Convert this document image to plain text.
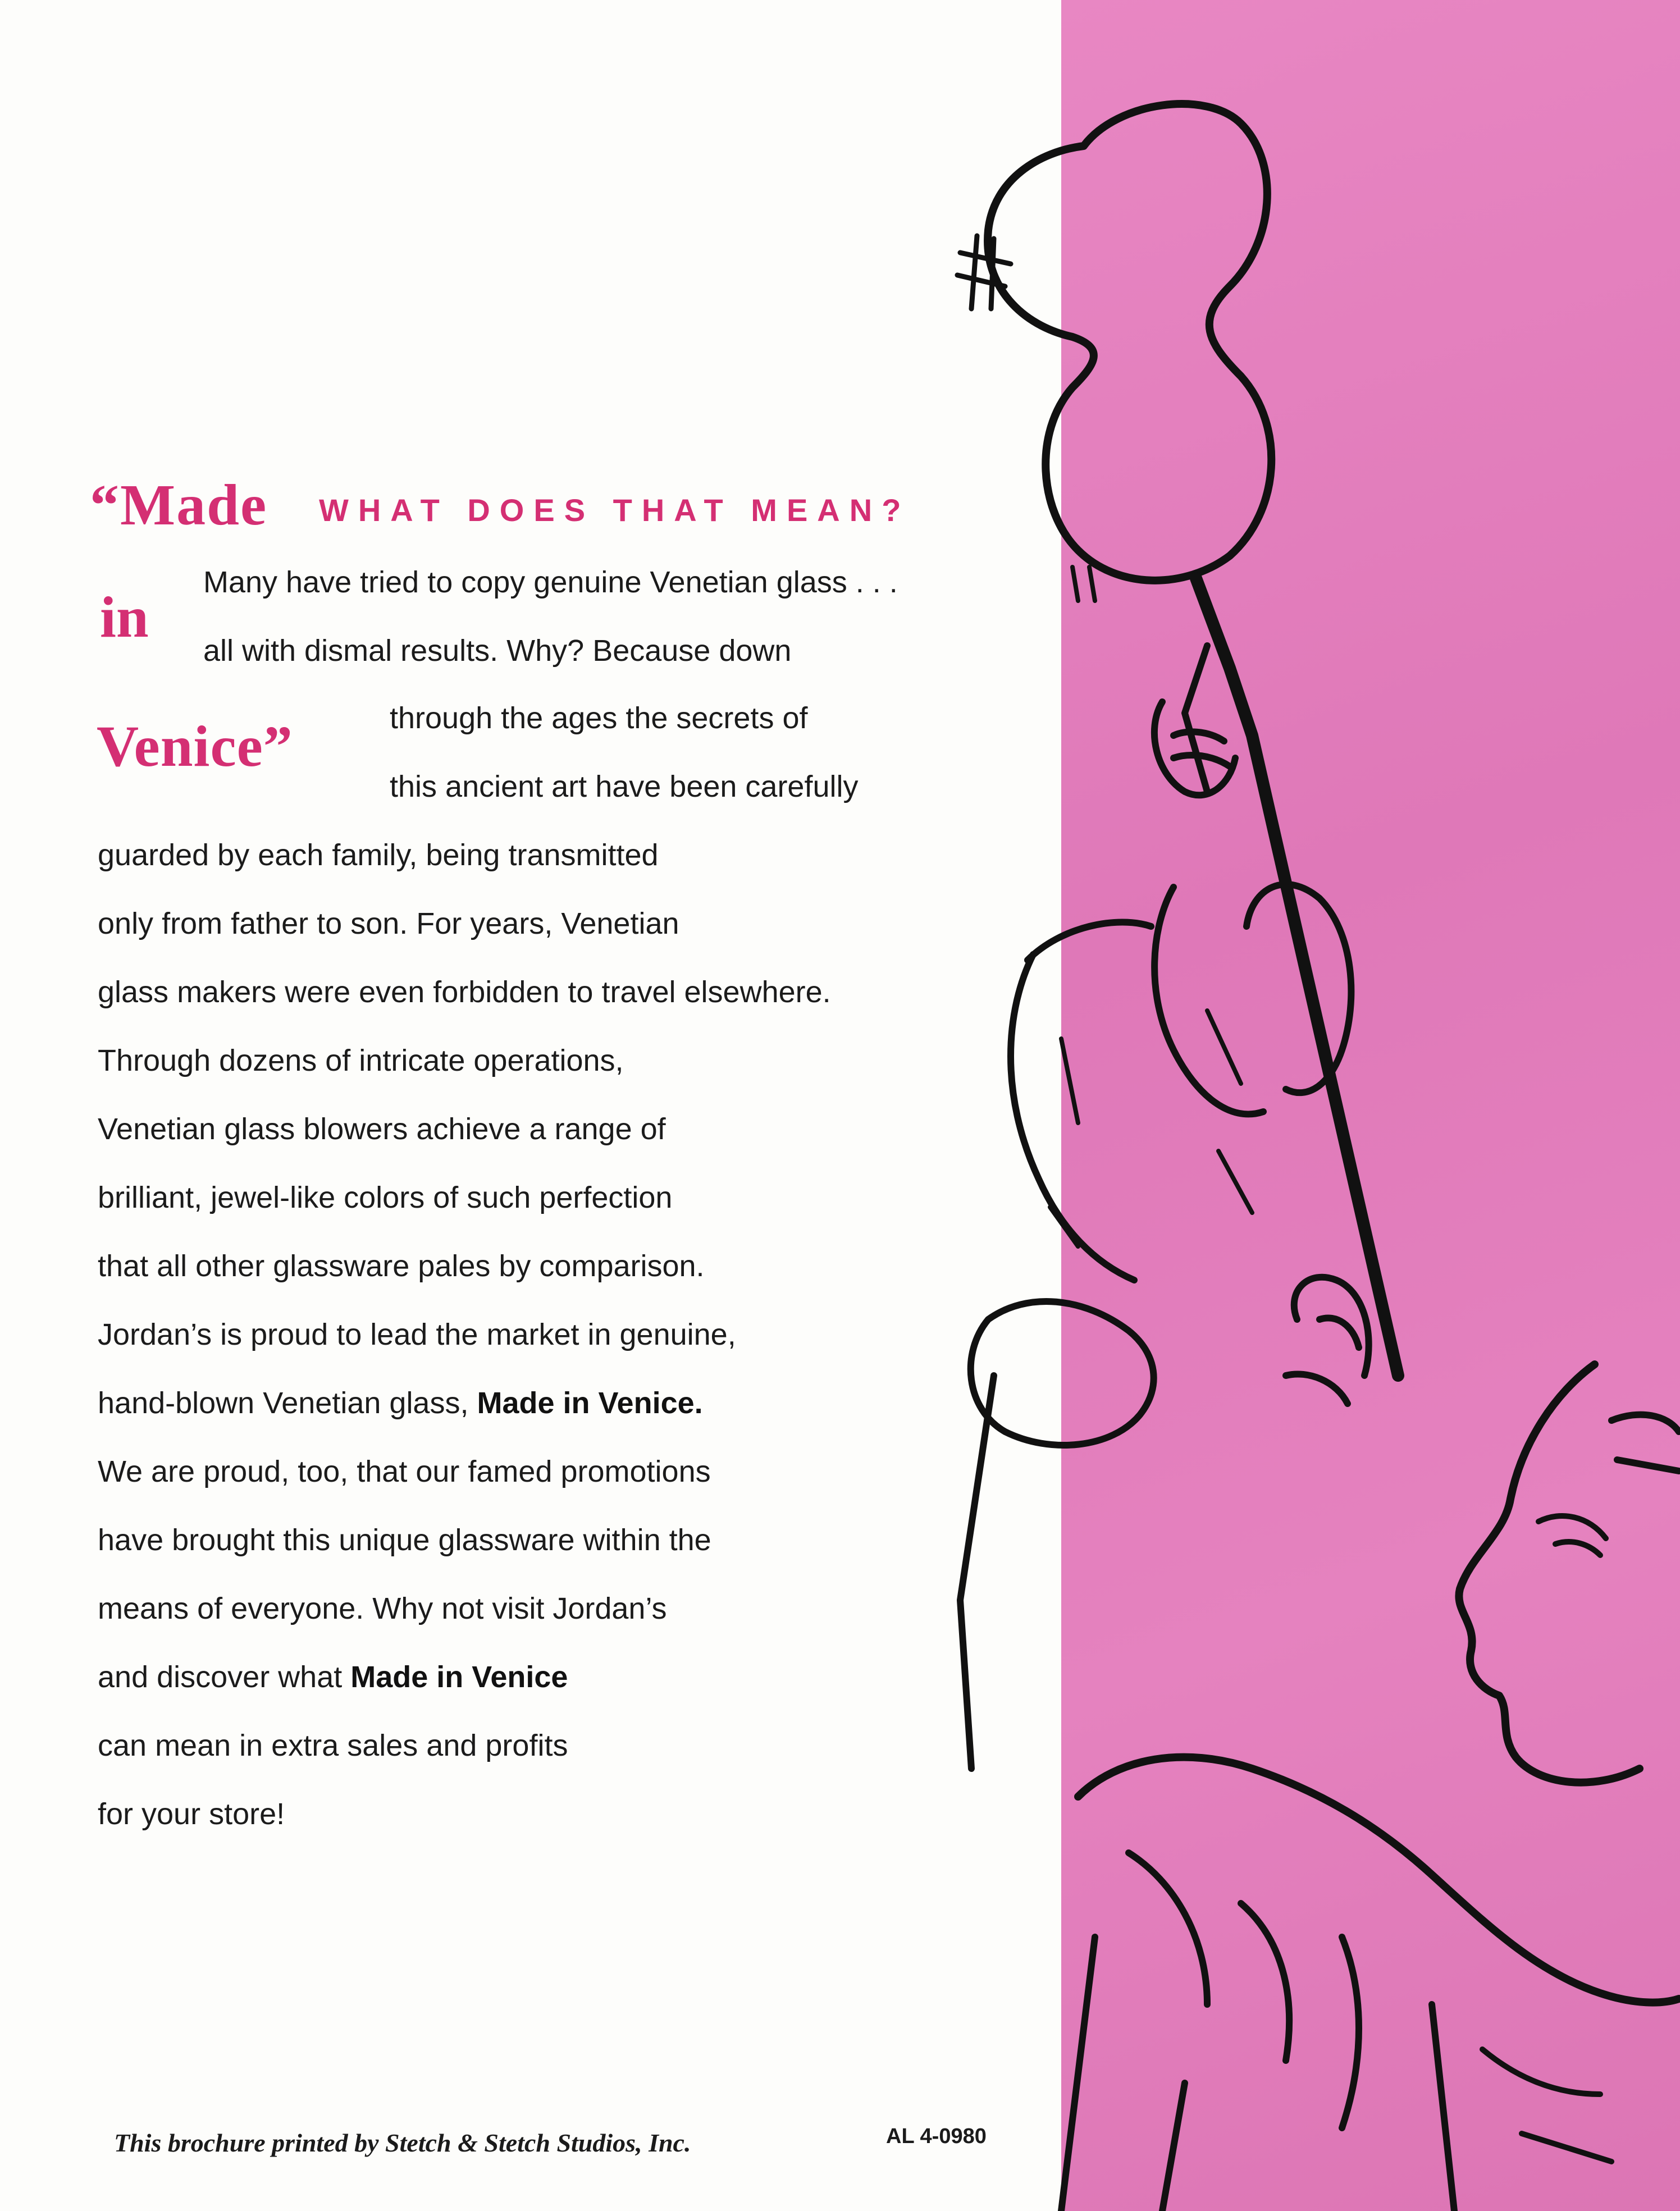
“Made WHAT DOES THAT MEAN?
in
Venice”
Many have tried to copy genuine Venetian glass . . .
all with dismal results. Why? Because down
through the ages the secrets of
this ancient art have been carefully
guarded by each family, being transmitted
only from father to son. For years, Venetian
glass makers were even forbidden to travel elsewhere.
Through dozens of intricate operations,
Venetian glass blowers achieve a range of
brilliant, jewel-like colors of such perfection
that all other glassware pales by comparison.
Jordan’s is proud to lead the market in genuine,
hand-blown Venetian glass, Made in Venice.
We are proud, too, that our famed promotions
have brought this unique glassware within the
means of everyone. Why not visit Jordan’s
and discover what Made in Venice
can mean in extra sales and profits
for your store!
This brochure printed by Stetch & Stetch Studios, Inc.	AL 4-0980
